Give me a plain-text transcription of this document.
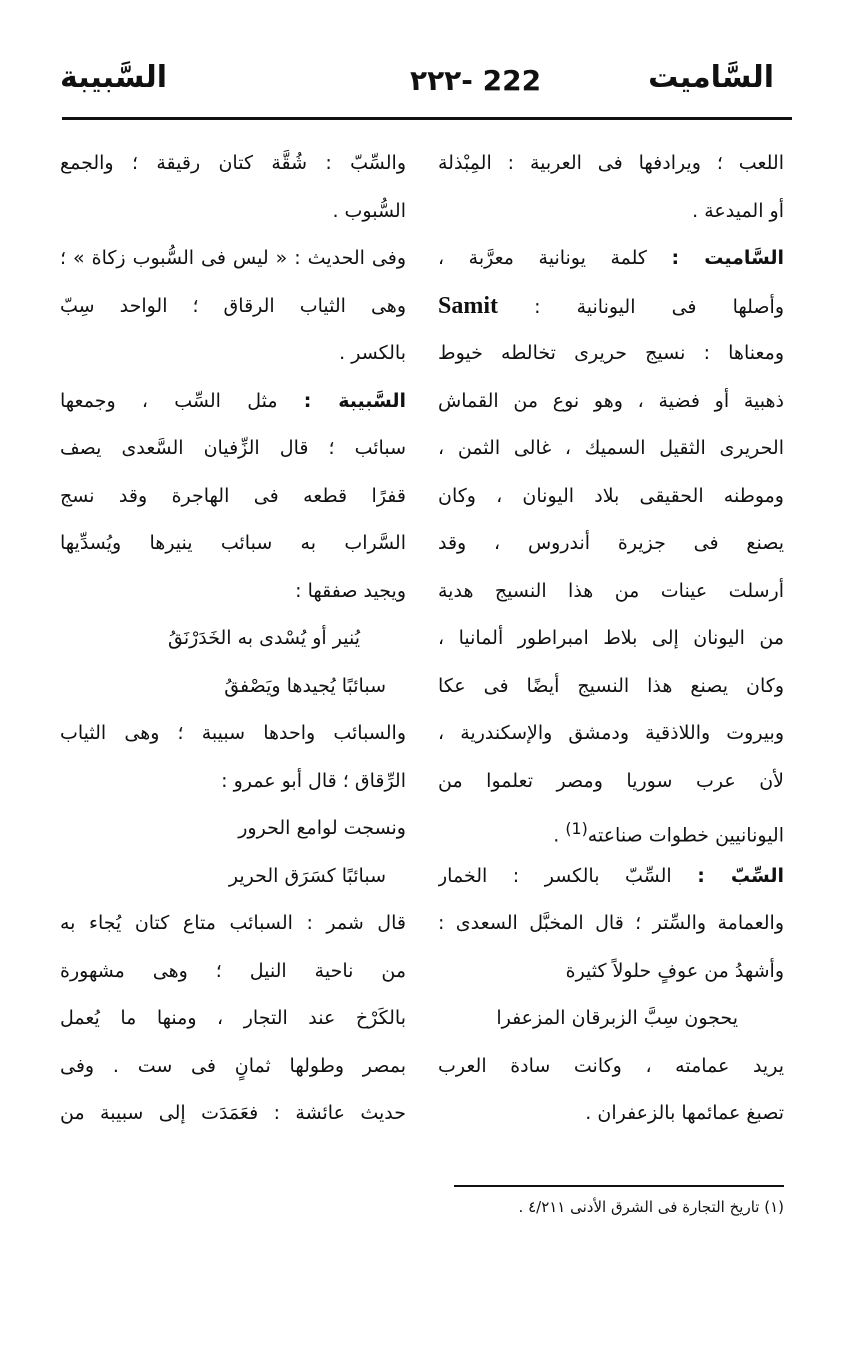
السَّاميت
٢٢٢- 222
السَّبيبة
اللعب ؛ ويرادفها فى العربية : المِبْذلة
أو الميدعة .
السَّاميت : كلمة يونانية معرَّبة ،
وأصلها فى اليونانية : Samit
ومعناها : نسيج حريرى تخالطه خيوط
ذهبية أو فضية ، وهو نوع من القماش
الحريرى الثقيل السميك ، غالى الثمن ،
وموطنه الحقيقى بلاد اليونان ، وكان
يصنع فى جزيرة أندروس ، وقد
أرسلت عينات من هذا النسيج هدية
من اليونان إلى بلاط امبراطور ألمانيا ،
وكان يصنع هذا النسيج أيضًا فى عكا
وبيروت واللاذقية ودمشق والإسكندرية ،
لأن عرب سوريا ومصر تعلموا من
اليونانيين خطوات صناعته$^{(1)}$ .
السِّبّ : السِّبّ بالكسر : الخمار
والعمامة والسِّتر ؛ قال المخبَّل السعدى :
وأشهدُ من عوفٍ حلولاً كثيرة
يحجون سِبَّ الزبرقان المزعفرا
يريد عمامته ، وكانت سادة العرب
تصبغ عمائمها بالزعفران .
والسِّبّ : شُقَّة كتان رقيقة ؛ والجمع
السُّبوب .
وفى الحديث : « ليس فى السُّبوب زكاة » ؛
وهى الثياب الرقاق ؛ الواحد سِبّ
بالكسر .
السَّبيبة : مثل السِّب ، وجمعها
سبائب ؛ قال الزِّفيان السَّعدى يصف
قفرًا قطعه فى الهاجرة وقد نسج
السَّراب به سبائب ينيرها ويُسدِّيها
ويجيد صفقها :
يُنير أو يُسْدى به الخَدَرْنَقُ
سبائبًا يُجيدها ويَصْفقُ
والسبائب واحدها سبيبة ؛ وهى الثياب
الرِّقاق ؛ قال أبو عمرو :
ونسجت لوامع الحرور
سبائبًا كسَرَق الحرير
قال شمر : السبائب متاع كتان يُجاء به
من ناحية النيل ؛ وهى مشهورة
بالكَرْخ عند التجار ، ومنها ما يُعمل
بمصر وطولها ثمانٍ فى ست . وفى
حديث عائشة : فعَمَدَت إلى سبيبة من
(١) تاريخ التجارة فى الشرق الأدنى ٤/٢١١ .
